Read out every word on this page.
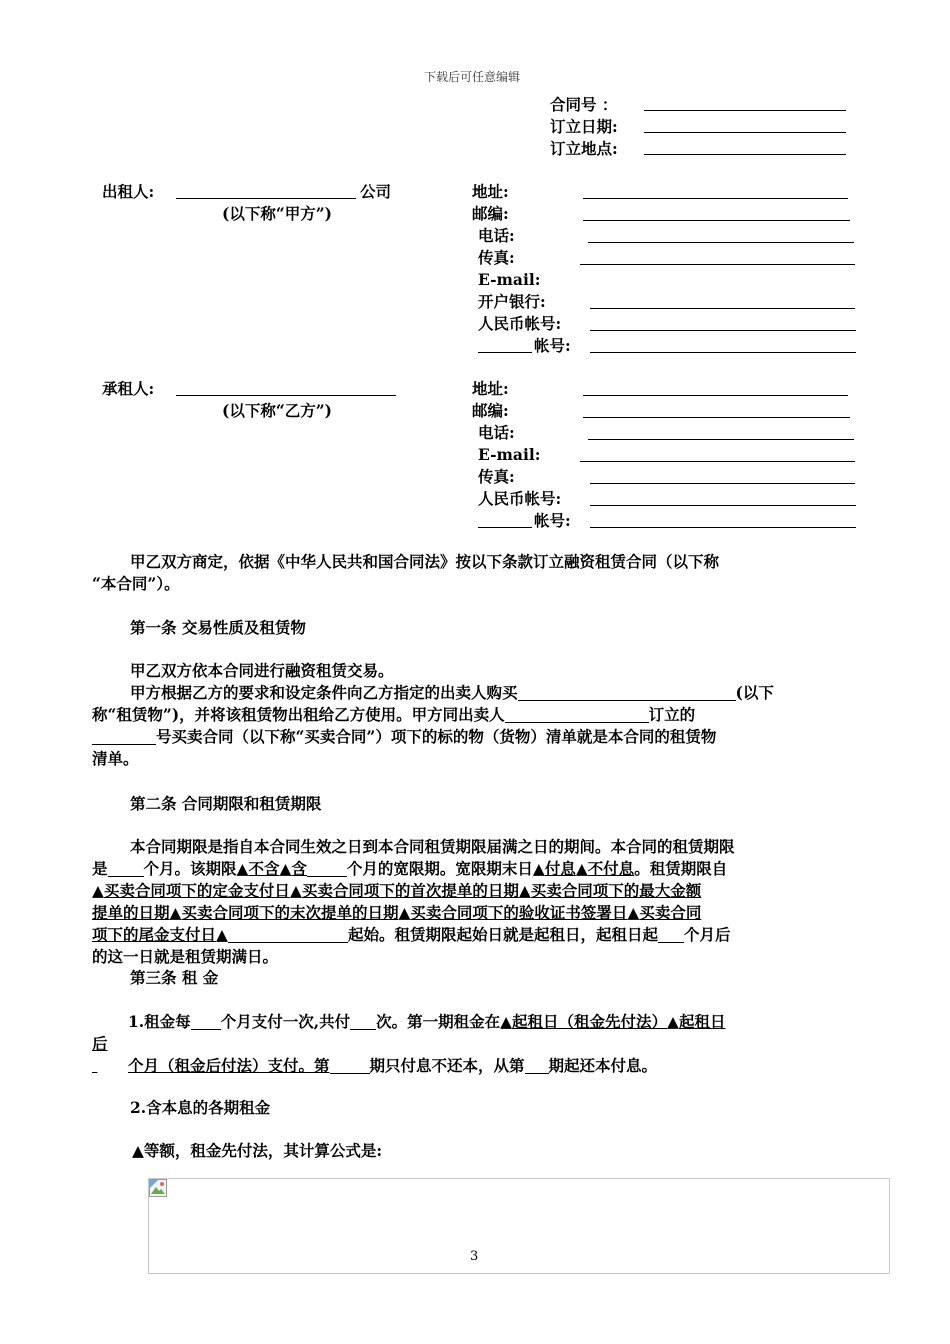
下载后可任意编辑
合同号 ：
订立日期:
订立地点:
出租人:	公司
(以下称“甲方”)
地址:
邮编:
电话:
传真:
E-mail:
开户银行:
人民币帐号:
帐号:
承租人:
(以下称“乙方”)
地址:
邮编:
电话:
E-mail:
传真:
人民币帐号:
帐号:
甲乙双方商定，依据《中华人民共和国合同法》按以下条款订立融资租赁合同（以下称
“本合同”）。
第一条 交易性质及租赁物
甲乙双方依本合同进行融资租赁交易。
甲方根据乙方的要求和设定条件向乙方指定的出卖人购买	(以下
称“租赁物”)，并将该租赁物出租给乙方使用。甲方同出卖人	订立的
号买卖合同（以下称“买卖合同”）项下的标的物（货物）清单就是本合同的租赁物
清单。
第二条 合同期限和租赁期限
本合同期限是指自本合同生效之日到本合同租赁期限届满之日的期间。本合同的租赁期限
是 个月。该期限▲不含▲含	个月的宽限期。宽限期末日▲付息▲不付息。租赁期限自
▲买卖合同项下的定金支付日▲买卖合同项下的首次提单的日期▲买卖合同项下的最大金额
提单的日期▲买卖合同项下的末次提单的日期▲买卖合同项下的验收证书签署日▲买卖合同
项下的尾金支付日▲	起始。租赁期限起始日就是起租日，起租日起 个月后
的这一日就是租赁期满日。
第三条 租 金
1.租金每 个月支付一次,共付 次。第一期租金在▲起租日（租金先付法）▲起租日
后
个月（租金后付法）支付。第	期只付息不还本，从第 期起还本付息。
2.含本息的各期租金
▲等额，租金先付法，其计算公式是:
3
